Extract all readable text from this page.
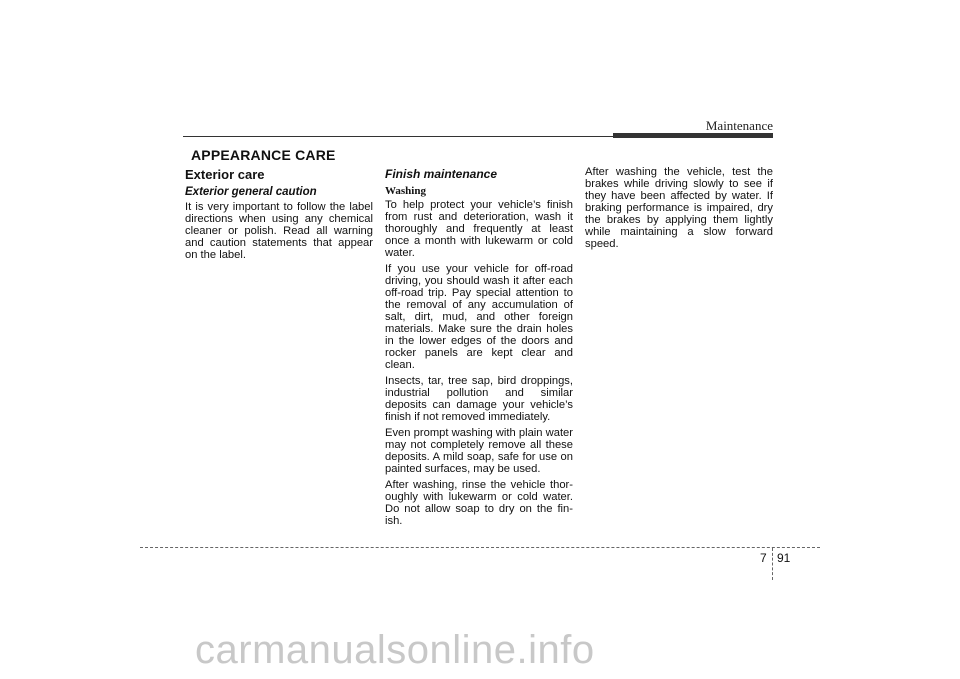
Maintenance
APPEARANCE CARE
Exterior care
Exterior general caution

It is very important to follow the label directions when using any chemical cleaner or polish. Read all warning and caution statements that appear on the label.

Finish maintenance
Washing

To help protect your vehicle’s finish from rust and deterioration, wash it thoroughly and frequently at least once a month with lukewarm or cold water.

If you use your vehicle for off-road driving, you should wash it after each off-road trip. Pay special attention to the removal of any accumulation of salt, dirt, mud, and other foreign materials. Make sure the drain holes in the lower edges of the doors and rocker panels are kept clear and clean.

Insects, tar, tree sap, bird droppings, industrial pollution and similar deposits can damage your vehicle’s finish if not removed immediately.

Even prompt washing with plain water may not completely remove all these deposits. A mild soap, safe for use on painted surfaces, may be used.

After washing, rinse the vehicle thor-oughly with lukewarm or cold water. Do not allow soap to dry on the fin-ish.

After washing the vehicle, test the brakes while driving slowly to see if they have been affected by water. If braking performance is impaired, dry the brakes by applying them lightly while maintaining a slow forward speed.

7 91
carmanualsonline.info
